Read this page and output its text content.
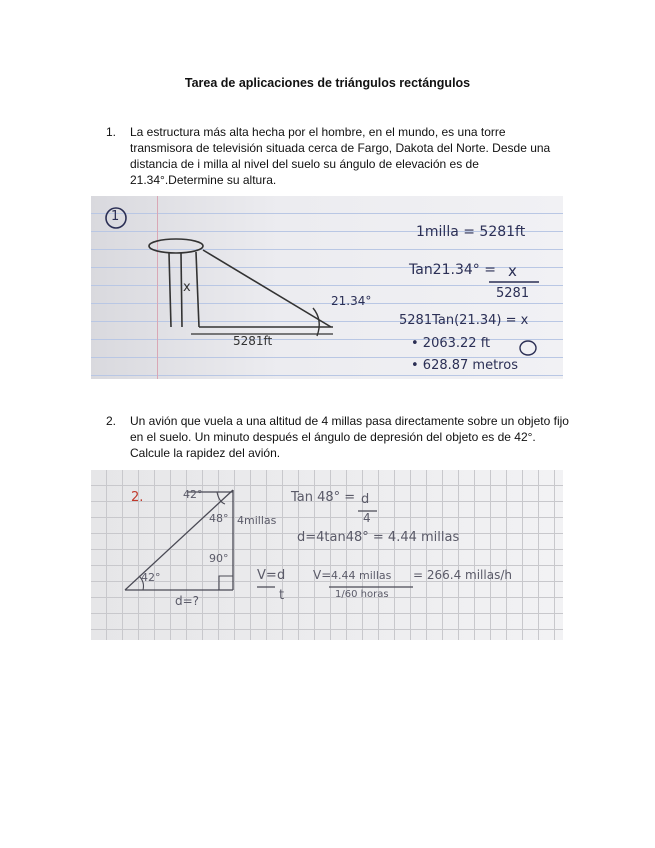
Tarea de aplicaciones de triángulos rectángulos
1. La estructura más alta hecha por el hombre, en el mundo, es una torre transmisora de televisión situada cerca de Fargo, Dakota del Norte. Desde una distancia de i milla al nivel del suelo su ángulo de elevación es de 21.34°.Determine su altura.
1
x
21.34°
5281ft
1milla = 5281ft
Tan21.34° = x
5281
5281Tan(21.34) = x
• 2063.22 ft
• 628.87 metros
2. Un avión que vuela a una altitud de 4 millas pasa directamente sobre un objeto fijo en el suelo. Un minuto después el ángulo de depresión del objeto es de 42°. Calcule la rapidez del avión.
2.	42°
48° 4millas
90°
42°
d=?
Tan 48° = d
4
d=4tan48° = 4.44 millas
V= d
t
V= 4.44 millas
1/60 horas
= 266.4 millas/h
